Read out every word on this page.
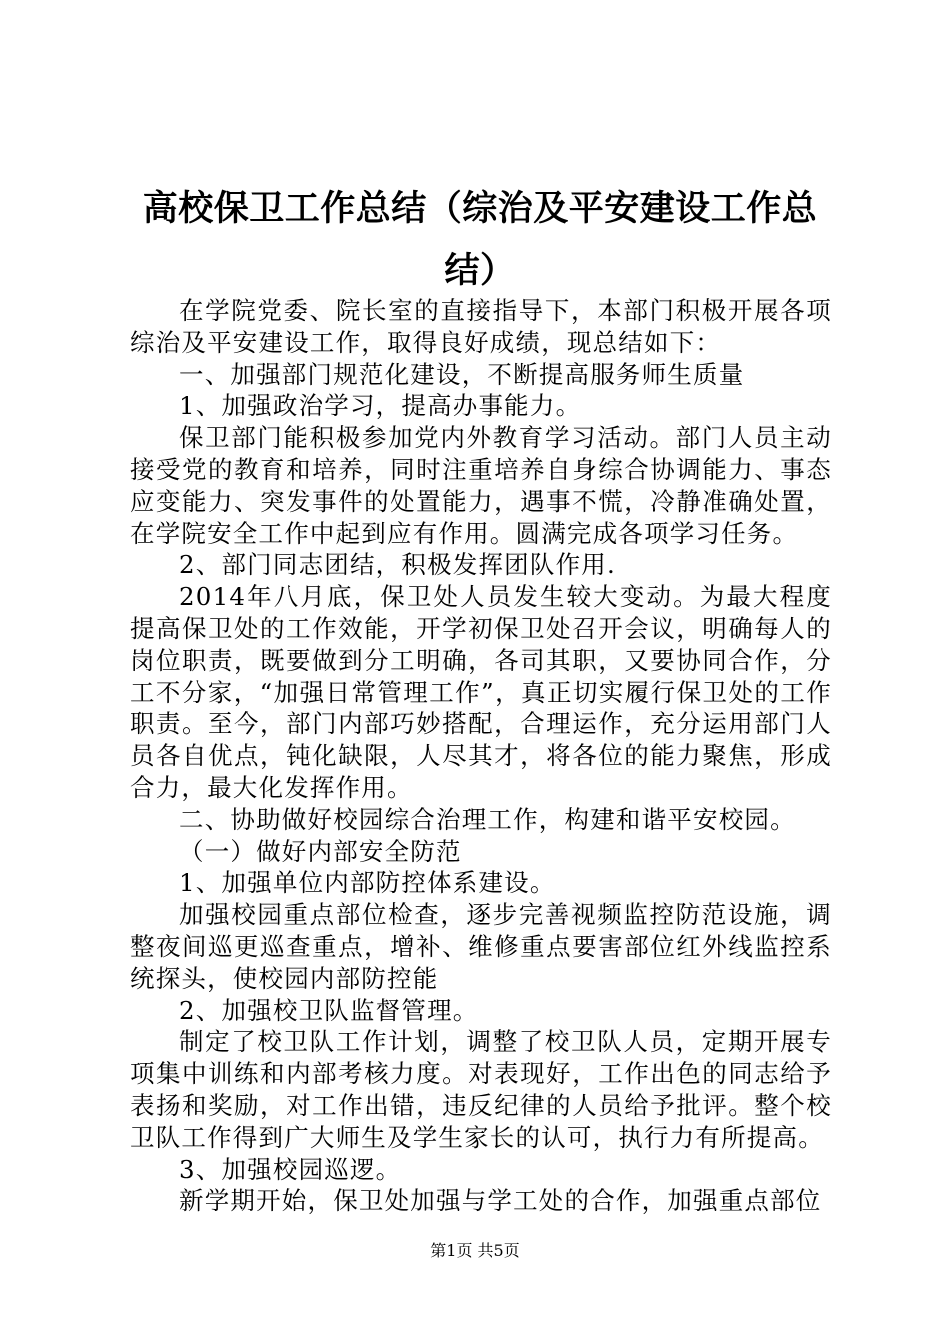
高校保卫工作总结（综治及平安建设工作总结）

在学院党委、院长室的直接指导下，本部门积极开展各项综治及平安建设工作，取得良好成绩，现总结如下：

一、加强部门规范化建设，不断提高服务师生质量

1、加强政治学习，提高办事能力。

保卫部门能积极参加党内外教育学习活动。部门人员主动接受党的教育和培养，同时注重培养自身综合协调能力、事态应变能力、突发事件的处置能力，遇事不慌，冷静准确处置，在学院安全工作中起到应有作用。圆满完成各项学习任务。

2、部门同志团结，积极发挥团队作用.

2014年八月底，保卫处人员发生较大变动。为最大程度提高保卫处的工作效能，开学初保卫处召开会议，明确每人的岗位职责，既要做到分工明确，各司其职，又要协同合作，分工不分家，“加强日常管理工作”，真正切实履行保卫处的工作职责。至今，部门内部巧妙搭配，合理运作，充分运用部门人员各自优点，钝化缺限，人尽其才，将各位的能力聚焦，形成合力，最大化发挥作用。

二、协助做好校园综合治理工作，构建和谐平安校园。

（一）做好内部安全防范

1、加强单位内部防控体系建设。

加强校园重点部位检查，逐步完善视频监控防范设施，调整夜间巡更巡查重点，增补、维修重点要害部位红外线监控系统探头，使校园内部防控能

2、加强校卫队监督管理。

制定了校卫队工作计划，调整了校卫队人员，定期开展专项集中训练和内部考核力度。对表现好，工作出色的同志给予表扬和奖励，对工作出错，违反纪律的人员给予批评。整个校卫队工作得到广大师生及学生家长的认可，执行力有所提高。

3、加强校园巡逻。

新学期开始，保卫处加强与学工处的合作，加强重点部位

第1页 共5页
